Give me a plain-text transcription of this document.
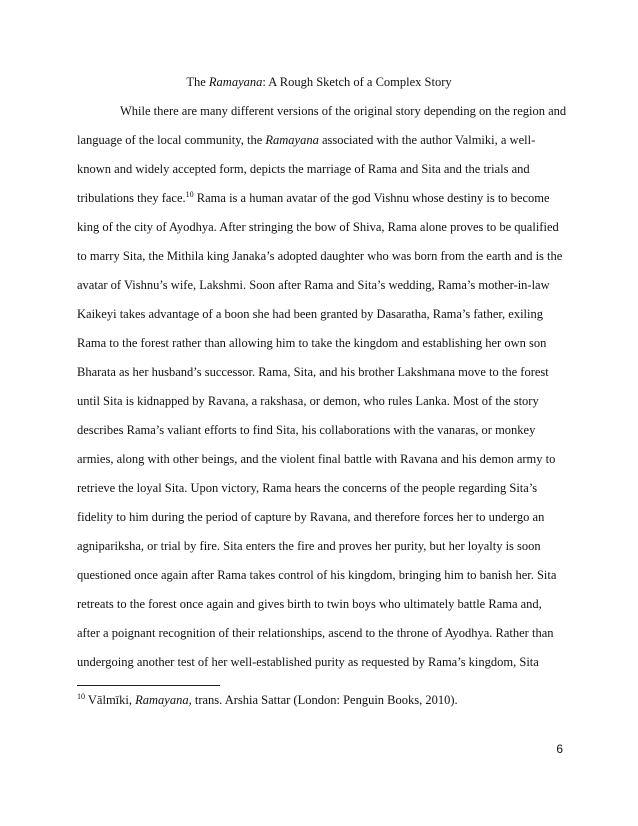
The Ramayana: A Rough Sketch of a Complex Story
While there are many different versions of the original story depending on the region and
language of the local community, the Ramayana associated with the author Valmiki, a well-
known and widely accepted form, depicts the marriage of Rama and Sita and the trials and
tribulations they face.$^{10}$ Rama is a human avatar of the god Vishnu whose destiny is to become
king of the city of Ayodhya. After stringing the bow of Shiva, Rama alone proves to be qualified
to marry Sita, the Mithila king Janaka’s adopted daughter who was born from the earth and is the
avatar of Vishnu’s wife, Lakshmi. Soon after Rama and Sita’s wedding, Rama’s mother-in-law
Kaikeyi takes advantage of a boon she had been granted by Dasaratha, Rama’s father, exiling
Rama to the forest rather than allowing him to take the kingdom and establishing her own son
Bharata as her husband’s successor. Rama, Sita, and his brother Lakshmana move to the forest
until Sita is kidnapped by Ravana, a rakshasa, or demon, who rules Lanka. Most of the story
describes Rama’s valiant efforts to find Sita, his collaborations with the vanaras, or monkey
armies, along with other beings, and the violent final battle with Ravana and his demon army to
retrieve the loyal Sita. Upon victory, Rama hears the concerns of the people regarding Sita’s
fidelity to him during the period of capture by Ravana, and therefore forces her to undergo an
agnipariksha, or trial by fire. Sita enters the fire and proves her purity, but her loyalty is soon
questioned once again after Rama takes control of his kingdom, bringing him to banish her. Sita
retreats to the forest once again and gives birth to twin boys who ultimately battle Rama and,
after a poignant recognition of their relationships, ascend to the throne of Ayodhya. Rather than
undergoing another test of her well-established purity as requested by Rama’s kingdom, Sita
$^{10}$ Vālmīki, Ramayana, trans. Arshia Sattar (London: Penguin Books, 2010).
6
